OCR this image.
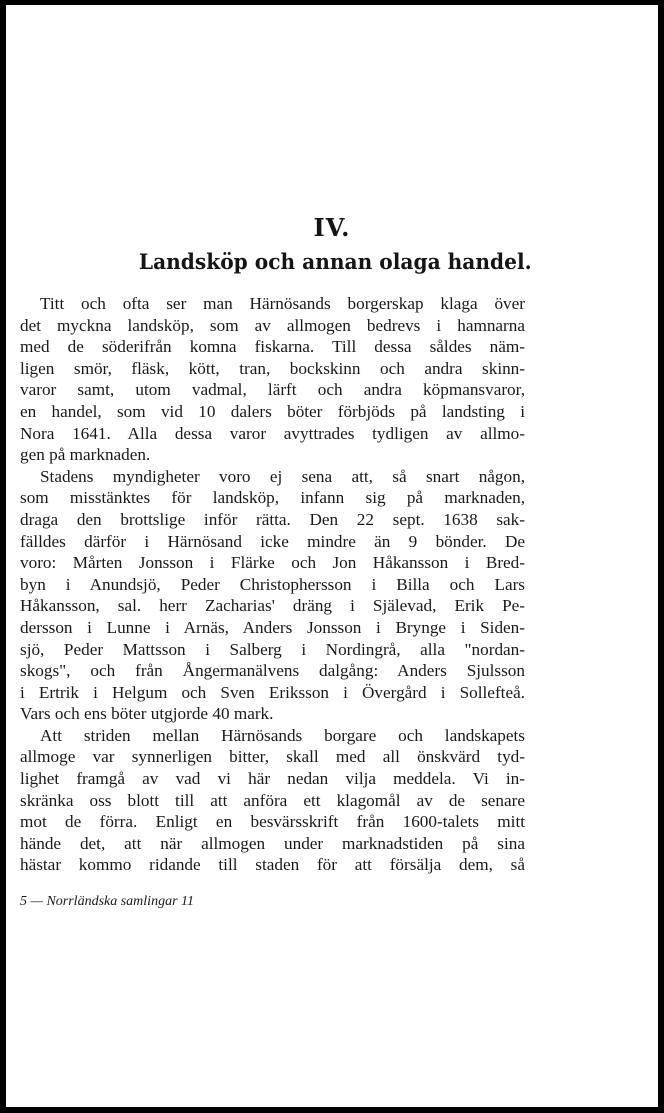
IV.
Landsköp och annan olaga handel.
Titt och ofta ser man Härnösands borgerskap klaga över
det myckna landsköp, som av allmogen bedrevs i hamnarna
med de söderifrån komna fiskarna. Till dessa såldes näm-
ligen smör, fläsk, kött, tran, bockskinn och andra skinn-
varor samt, utom vadmal, lärft och andra köpmansvaror,
en handel, som vid 10 dalers böter förbjöds på landsting i
Nora 1641. Alla dessa varor avyttrades tydligen av allmo-
gen på marknaden.
Stadens myndigheter voro ej sena att, så snart någon,
som misstänktes för landsköp, infann sig på marknaden,
draga den brottslige inför rätta. Den 22 sept. 1638 sak-
fälldes därför i Härnösand icke mindre än 9 bönder. De
voro: Mårten Jonsson i Flärke och Jon Håkansson i Bred-
byn i Anundsjö, Peder Christophersson i Billa och Lars
Håkansson, sal. herr Zacharias' dräng i Själevad, Erik Pe-
dersson i Lunne i Arnäs, Anders Jonsson i Brynge i Siden-
sjö, Peder Mattsson i Salberg i Nordingrå, alla "nordan-
skogs", och från Ångermanälvens dalgång: Anders Sjulsson
i Ertrik i Helgum och Sven Eriksson i Övergård i Sollefteå.
Vars och ens böter utgjorde 40 mark.
Att striden mellan Härnösands borgare och landskapets
allmoge var synnerligen bitter, skall med all önskvärd tyd-
lighet framgå av vad vi här nedan vilja meddela. Vi in-
skränka oss blott till att anföra ett klagomål av de senare
mot de förra. Enligt en besvärsskrift från 1600-talets mitt
hände det, att när allmogen under marknadstiden på sina
hästar kommo ridande till staden för att försälja dem, så
5 — Norrländska samlingar 11
